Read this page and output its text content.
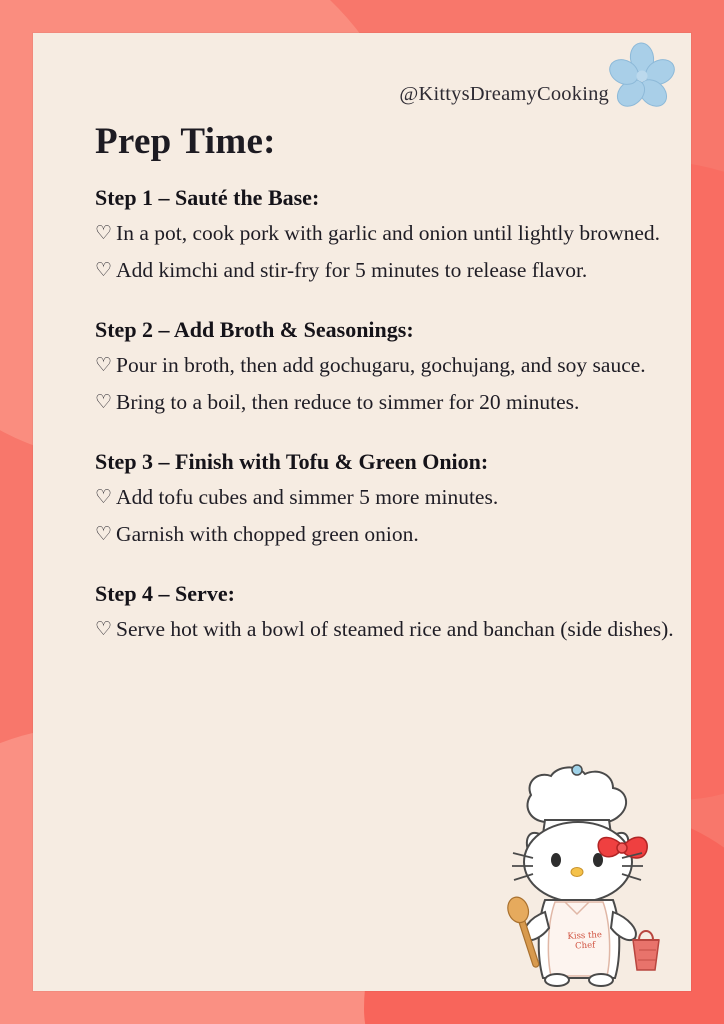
@KittysDreamyCooking
Prep Time:
Step 1 – Sauté the Base:
♡ In a pot, cook pork with garlic and onion until lightly browned.
♡ Add kimchi and stir-fry for 5 minutes to release flavor.
Step 2 – Add Broth & Seasonings:
♡ Pour in broth, then add gochugaru, gochujang, and soy sauce.
♡ Bring to a boil, then reduce to simmer for 20 minutes.
Step 3 – Finish with Tofu & Green Onion:
♡ Add tofu cubes and simmer 5 more minutes.
♡ Garnish with chopped green onion.
Step 4 – Serve:
♡ Serve hot with a bowl of steamed rice and banchan (side dishes).
Kiss the
Chef
